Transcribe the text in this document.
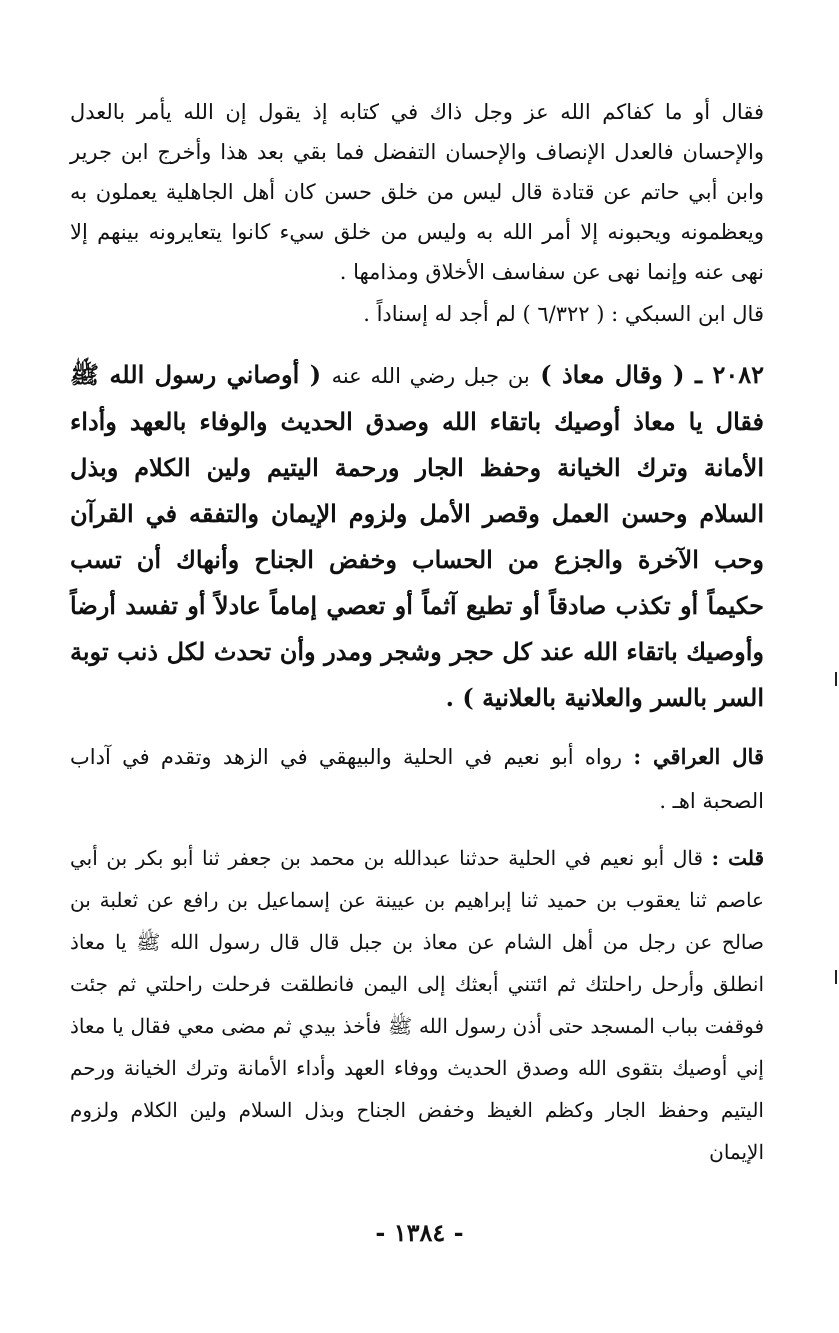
فقال أو ما كفاكم الله عز وجل ذاك في كتابه إذ يقول إن الله يأمر بالعدل والإحسان فالعدل الإنصاف والإحسان التفضل فما بقي بعد هذا وأخرج ابن جرير وابن أبي حاتم عن قتادة قال ليس من خلق حسن كان أهل الجاهلية يعملون به ويعظمونه ويحبونه إلا أمر الله به وليس من خلق سيء كانوا يتعايرونه بينهم إلا نهى عنه وإنما نهى عن سفاسف الأخلاق ومذامها .

قال ابن السبكي : ( ٦/٣٢٢ ) لم أجد له إسناداً .

٢٠٨٢ ـ ( وقال معاذ ) بن جبل رضي الله عنه ( أوصاني رسول الله ﷺ فقال يا معاذ أوصيك باتقاء الله وصدق الحديث والوفاء بالعهد وأداء الأمانة وترك الخيانة وحفظ الجار ورحمة اليتيم ولين الكلام وبذل السلام وحسن العمل وقصر الأمل ولزوم الإيمان والتفقه في القرآن وحب الآخرة والجزع من الحساب وخفض الجناح وأنهاك أن تسب حكيماً أو تكذب صادقاً أو تطيع آثماً أو تعصي إماماً عادلاً أو تفسد أرضاً وأوصيك باتقاء الله عند كل حجر وشجر ومدر وأن تحدث لكل ذنب توبة السر بالسر والعلانية بالعلانية ) .

قال العراقي : رواه أبو نعيم في الحلية والبيهقي في الزهد وتقدم في آداب الصحبة اهـ .

قلت : قال أبو نعيم في الحلية حدثنا عبدالله بن محمد بن جعفر ثنا أبو بكر بن أبي عاصم ثنا يعقوب بن حميد ثنا إبراهيم بن عيينة عن إسماعيل بن رافع عن ثعلبة بن صالح عن رجل من أهل الشام عن معاذ بن جبل قال قال رسول الله ﷺ يا معاذ انطلق وأرحل راحلتك ثم ائتني أبعثك إلى اليمن فانطلقت فرحلت راحلتي ثم جئت فوقفت بباب المسجد حتى أذن رسول الله ﷺ فأخذ بيدي ثم مضى معي فقال يا معاذ إني أوصيك بتقوى الله وصدق الحديث ووفاء العهد وأداء الأمانة وترك الخيانة ورحم اليتيم وحفظ الجار وكظم الغيظ وخفض الجناح وبذل السلام ولين الكلام ولزوم الإيمان

- ١٣٨٤ -
